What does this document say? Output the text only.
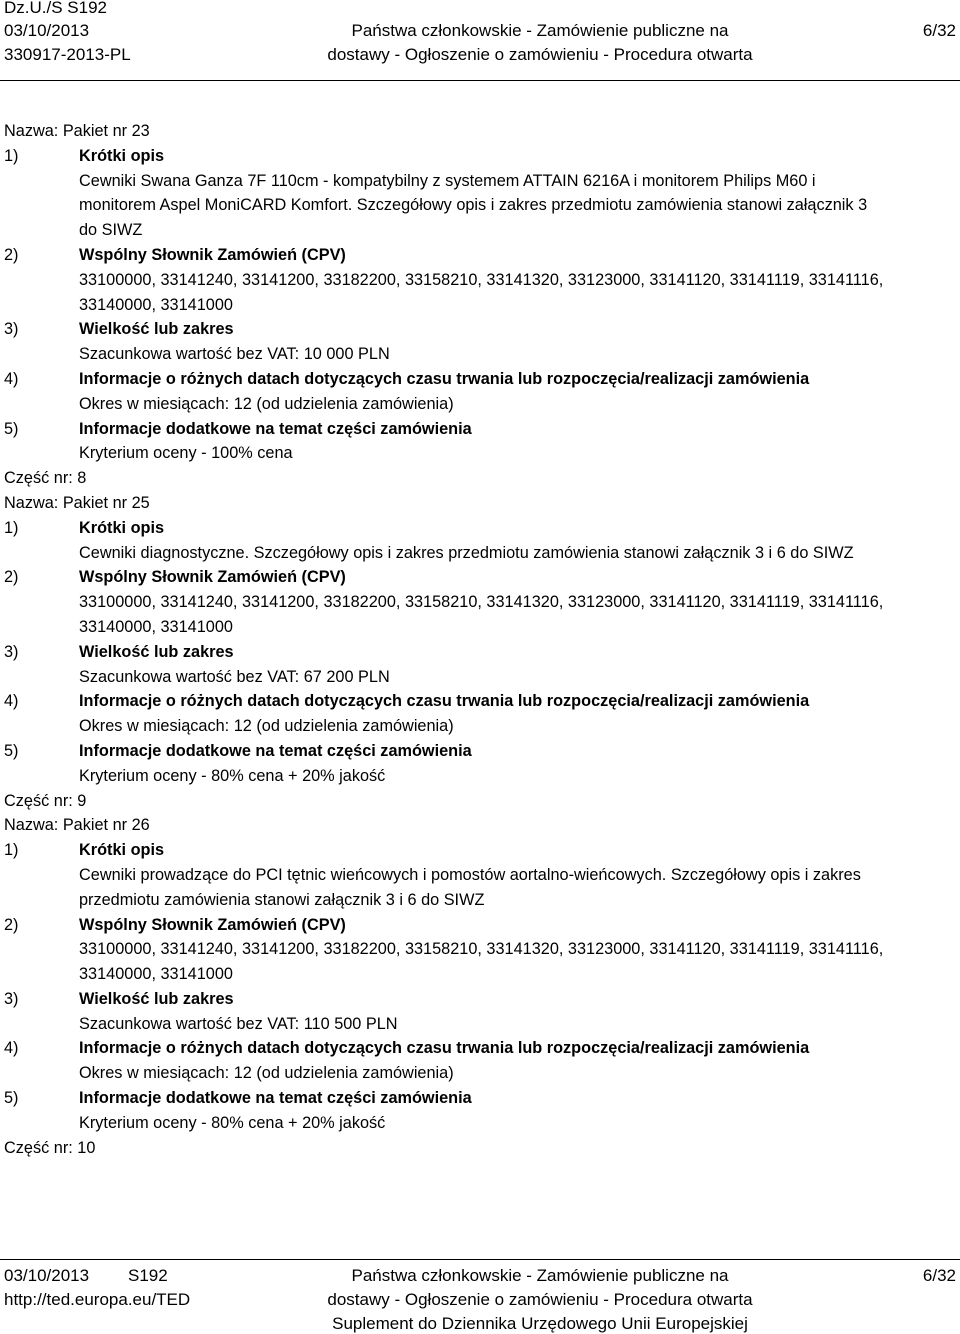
Dz.U./S S192
03/10/2013
330917-2013-PL
Państwa członkowskie - Zamówienie publiczne na
dostawy - Ogłoszenie o zamówieniu - Procedura otwarta
6/32
Nazwa: Pakiet nr 23
1)	Krótki opis
Cewniki Swana Ganza 7F 110cm - kompatybilny z systemem ATTAIN 6216A i monitorem Philips M60 i
monitorem Aspel MoniCARD Komfort. Szczegółowy opis i zakres przedmiotu zamówienia stanowi załącznik 3
do SIWZ
2)	Wspólny Słownik Zamówień (CPV)
33100000, 33141240, 33141200, 33182200, 33158210, 33141320, 33123000, 33141120, 33141119, 33141116,
33140000, 33141000
3)	Wielkość lub zakres
Szacunkowa wartość bez VAT: 10 000 PLN
4)	Informacje o różnych datach dotyczących czasu trwania lub rozpoczęcia/realizacji zamówienia
Okres w miesiącach: 12 (od udzielenia zamówienia)
5)	Informacje dodatkowe na temat części zamówienia
Kryterium oceny - 100% cena
Część nr: 8
Nazwa: Pakiet nr 25
1)	Krótki opis
Cewniki diagnostyczne. Szczegółowy opis i zakres przedmiotu zamówienia stanowi załącznik 3 i 6 do SIWZ
2)	Wspólny Słownik Zamówień (CPV)
33100000, 33141240, 33141200, 33182200, 33158210, 33141320, 33123000, 33141120, 33141119, 33141116,
33140000, 33141000
3)	Wielkość lub zakres
Szacunkowa wartość bez VAT: 67 200 PLN
4)	Informacje o różnych datach dotyczących czasu trwania lub rozpoczęcia/realizacji zamówienia
Okres w miesiącach: 12 (od udzielenia zamówienia)
5)	Informacje dodatkowe na temat części zamówienia
Kryterium oceny - 80% cena + 20% jakość
Część nr: 9
Nazwa: Pakiet nr 26
1)	Krótki opis
Cewniki prowadzące do PCI tętnic wieńcowych i pomostów aortalno-wieńcowych. Szczegółowy opis i zakres
przedmiotu zamówienia stanowi załącznik 3 i 6 do SIWZ
2)	Wspólny Słownik Zamówień (CPV)
33100000, 33141240, 33141200, 33182200, 33158210, 33141320, 33123000, 33141120, 33141119, 33141116,
33140000, 33141000
3)	Wielkość lub zakres
Szacunkowa wartość bez VAT: 110 500 PLN
4)	Informacje o różnych datach dotyczących czasu trwania lub rozpoczęcia/realizacji zamówienia
Okres w miesiącach: 12 (od udzielenia zamówienia)
5)	Informacje dodatkowe na temat części zamówienia
Kryterium oceny - 80% cena + 20% jakość
Część nr: 10
03/10/2013 S192
http://ted.europa.eu/TED
Państwa członkowskie - Zamówienie publiczne na
dostawy - Ogłoszenie o zamówieniu - Procedura otwarta
Suplement do Dziennika Urzędowego Unii Europejskiej
6/32
